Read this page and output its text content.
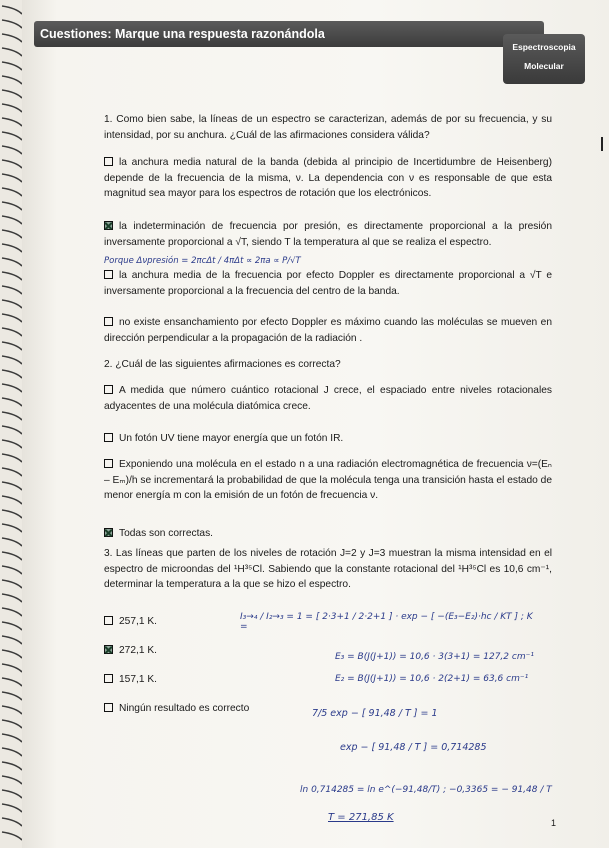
Cuestiones: Marque una respuesta razonándola
Espectroscopia
Molecular
1. Como bien sabe, la líneas de un espectro se caracterizan, además de por su frecuencia, y su intensidad, por su anchura. ¿Cuál de las afirmaciones considera válida?
la anchura media natural de la banda (debida al principio de Incertidumbre de Heisenberg) depende de la frecuencia de la misma, ν. La dependencia con ν es responsable de que esta magnitud sea mayor para los espectros de rotación que los electrónicos.
la indeterminación de frecuencia por presión, es directamente proporcional a la presión inversamente proporcional a √T, siendo T la temperatura al que se realiza el espectro.
Porque Δνpresión = 2πcΔt / 4πΔt ∝ 2πa ∝ P/√T
la anchura media de la frecuencia por efecto Doppler es directamente proporcional a √T e inversamente proporcional a la frecuencia del centro de la banda.
no existe ensanchamiento por efecto Doppler es máximo cuando las moléculas se mueven en dirección perpendicular a la propagación de la radiación .
2. ¿Cuál de las siguientes afirmaciones es correcta?
A medida que número cuántico rotacional J crece, el espaciado entre niveles rotacionales adyacentes de una molécula diatómica crece.
Un fotón UV tiene mayor energía que un fotón IR.
Exponiendo una molécula en el estado n a una radiación electromagnética de frecuencia ν=(Eₙ – Eₘ)/h se incrementará la probabilidad de que la molécula tenga una transición hasta el estado de menor energía m con la emisión de un fotón de frecuencia ν.
Todas son correctas.
3. Las líneas que parten de los niveles de rotación J=2 y J=3 muestran la misma intensidad en el espectro de microondas del ¹H³⁵Cl. Sabiendo que la constante rotacional del ¹H³⁵Cl es 10,6 cm⁻¹, determinar la temperatura a la que se hizo el espectro.
257,1 K.
272,1 K.
157,1 K.
Ningún resultado es correcto
I₃→₄ / I₂→₃ = 1 = [ 2·3+1 / 2·2+1 ] · exp − [ −(E₃−E₂)·hc / KT ] ; K =
E₃ = B(J(J+1)) = 10,6 · 3(3+1) = 127,2 cm⁻¹
E₂ = B(J(J+1)) = 10,6 · 2(2+1) = 63,6 cm⁻¹
7/5 exp − [ 91,48 / T ] = 1
exp − [ 91,48 / T ] = 0,714285
ln 0,714285 = ln e^(−91,48/T) ; −0,3365 = − 91,48 / T
T = 271,85 K	1
